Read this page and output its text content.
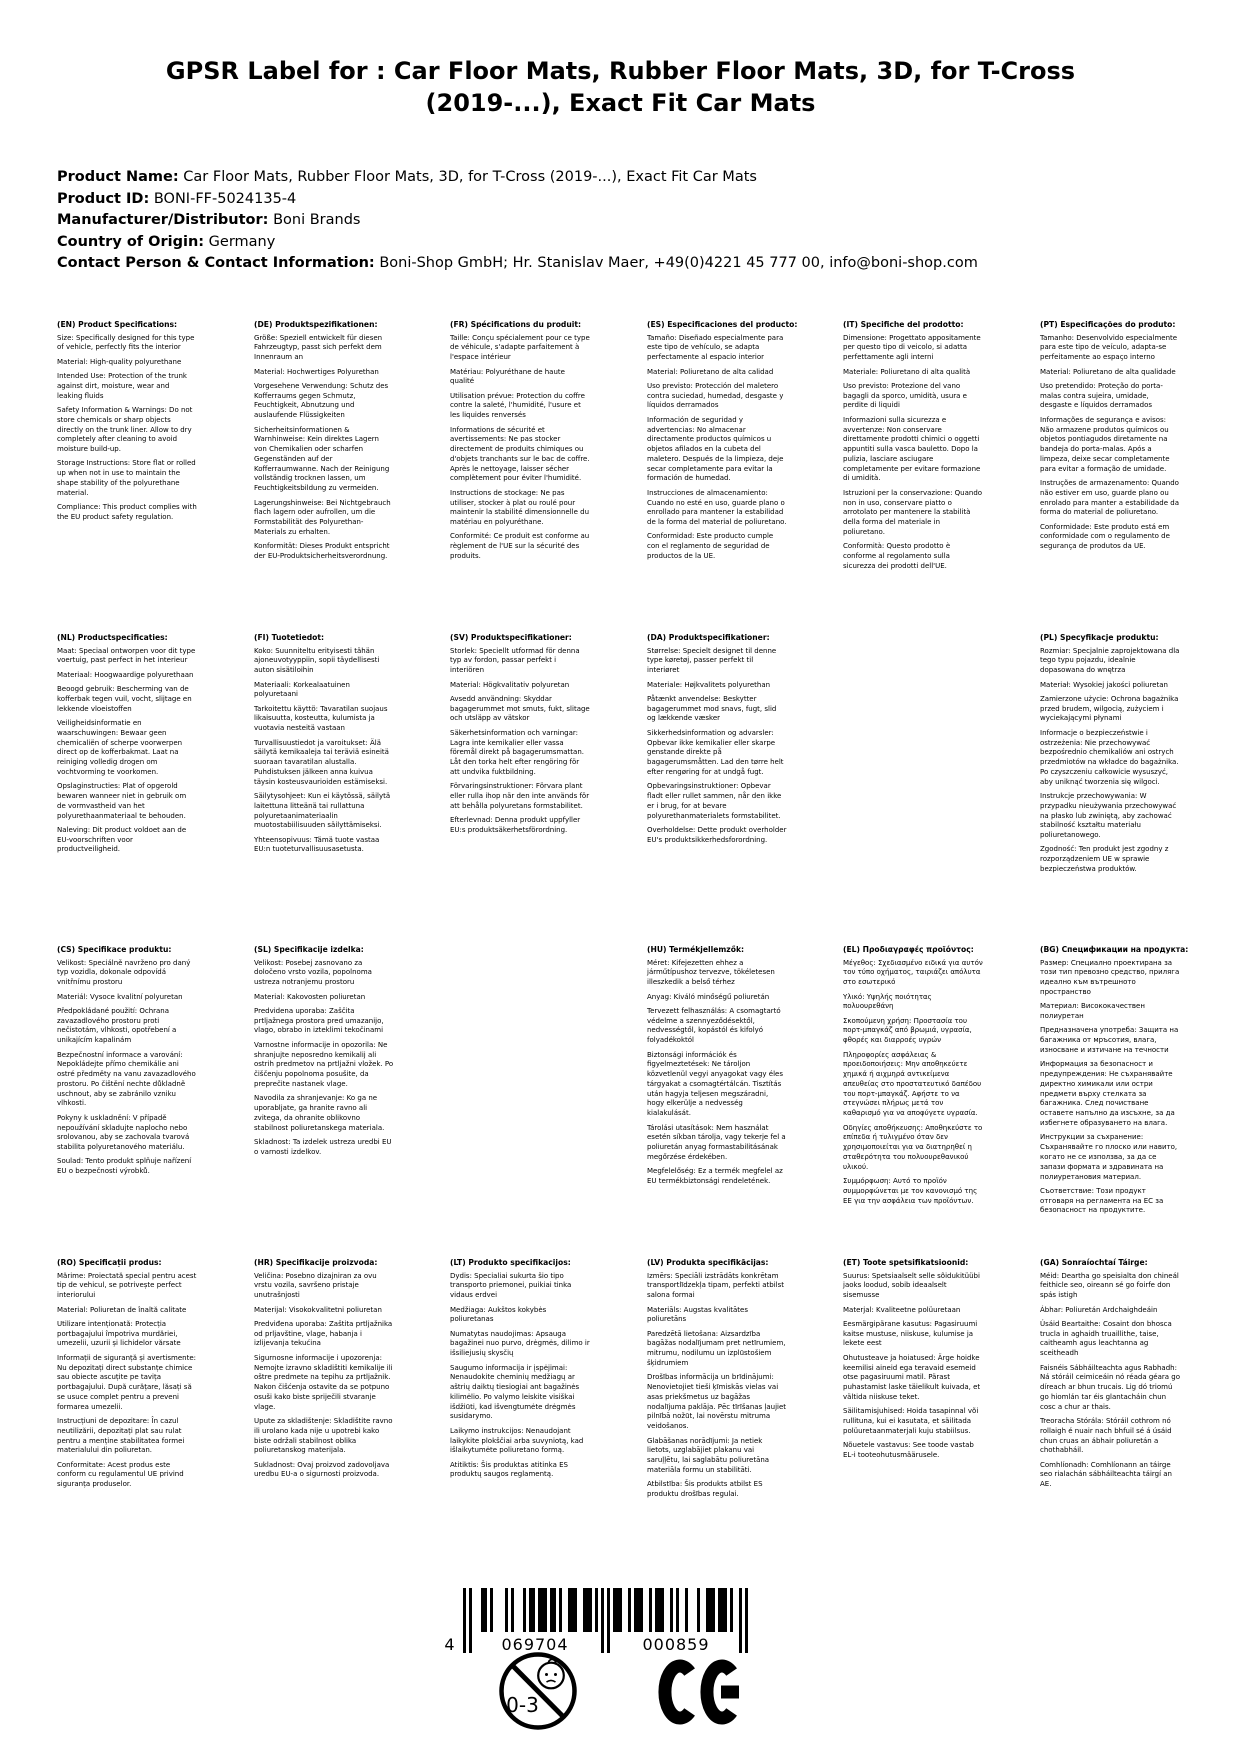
GPSR Label for : Car Floor Mats, Rubber Floor Mats, 3D, for T-Cross (2019-...), Exact Fit Car Mats
Product Name: Car Floor Mats, Rubber Floor Mats, 3D, for T-Cross (2019-...), Exact Fit Car Mats
Product ID: BONI-FF-5024135-4
Manufacturer/Distributor: Boni Brands
Country of Origin: Germany
Contact Person & Contact Information: Boni-Shop GmbH; Hr. Stanislav Maer, +49(0)4221 45 777 00, info@boni-shop.com
(EN) Product Specifications:

Size: Specifically designed for this type of vehicle, perfectly fits the interior

Material: High-quality polyurethane

Intended Use: Protection of the trunk against dirt, moisture, wear and leaking fluids

Safety Information & Warnings: Do not store chemicals or sharp objects directly on the trunk liner. Allow to dry completely after cleaning to avoid moisture build-up.

Storage Instructions: Store flat or rolled up when not in use to maintain the shape stability of the polyurethane material.

Compliance: This product complies with the EU product safety regulation.

(DE) Produktspezifikationen:

Größe: Speziell entwickelt für diesen Fahrzeugtyp, passt sich perfekt dem Innenraum an

Material: Hochwertiges Polyurethan

Vorgesehene Verwendung: Schutz des Kofferraums gegen Schmutz, Feuchtigkeit, Abnutzung und auslaufende Flüssigkeiten

Sicherheitsinformationen & Warnhinweise: Kein direktes Lagern von Chemikalien oder scharfen Gegenständen auf der Kofferraumwanne. Nach der Reinigung vollständig trocknen lassen, um Feuchtigkeitsbildung zu vermeiden.

Lagerungshinweise: Bei Nichtgebrauch flach lagern oder aufrollen, um die Formstabilität des Polyurethan-Materials zu erhalten.

Konformität: Dieses Produkt entspricht der EU-Produktsicherheitsverordnung.

(FR) Spécifications du produit:

Taille: Conçu spécialement pour ce type de véhicule, s'adapte parfaitement à l'espace intérieur

Matériau: Polyuréthane de haute qualité

Utilisation prévue: Protection du coffre contre la saleté, l'humidité, l'usure et les liquides renversés

Informations de sécurité et avertissements: Ne pas stocker directement de produits chimiques ou d'objets tranchants sur le bac de coffre. Après le nettoyage, laisser sécher complètement pour éviter l'humidité.

Instructions de stockage: Ne pas utiliser, stocker à plat ou roulé pour maintenir la stabilité dimensionnelle du matériau en polyuréthane.

Conformité: Ce produit est conforme au règlement de l'UE sur la sécurité des produits.

(ES) Especificaciones del producto:

Tamaño: Diseñado especialmente para este tipo de vehículo, se adapta perfectamente al espacio interior

Material: Poliuretano de alta calidad

Uso previsto: Protección del maletero contra suciedad, humedad, desgaste y líquidos derramados

Información de seguridad y advertencias: No almacenar directamente productos químicos u objetos afilados en la cubeta del maletero. Después de la limpieza, deje secar completamente para evitar la formación de humedad.

Instrucciones de almacenamiento: Cuando no esté en uso, guarde plano o enrollado para mantener la estabilidad de la forma del material de poliuretano.

Conformidad: Este producto cumple con el reglamento de seguridad de productos de la UE.

(IT) Specifiche del prodotto:

Dimensione: Progettato appositamente per questo tipo di veicolo, si adatta perfettamente agli interni

Materiale: Poliuretano di alta qualità

Uso previsto: Protezione del vano bagagli da sporco, umidità, usura e perdite di liquidi

Informazioni sulla sicurezza e avvertenze: Non conservare direttamente prodotti chimici o oggetti appuntiti sulla vasca bauletto. Dopo la pulizia, lasciare asciugare completamente per evitare formazione di umidità.

Istruzioni per la conservazione: Quando non in uso, conservare piatto o arrotolato per mantenere la stabilità della forma del materiale in poliuretano.

Conformità: Questo prodotto è conforme al regolamento sulla sicurezza dei prodotti dell'UE.

(PT) Especificações do produto:

Tamanho: Desenvolvido especialmente para este tipo de veículo, adapta-se perfeitamente ao espaço interno

Material: Poliuretano de alta qualidade

Uso pretendido: Proteção do porta-malas contra sujeira, umidade, desgaste e líquidos derramados

Informações de segurança e avisos: Não armazene produtos químicos ou objetos pontiagudos diretamente na bandeja do porta-malas. Após a limpeza, deixe secar completamente para evitar a formação de umidade.

Instruções de armazenamento: Quando não estiver em uso, guarde plano ou enrolado para manter a estabilidade da forma do material de poliuretano.

Conformidade: Este produto está em conformidade com o regulamento de segurança de produtos da UE.

(NL) Productspecificaties:

Maat: Speciaal ontworpen voor dit type voertuig, past perfect in het interieur

Materiaal: Hoogwaardige polyurethaan

Beoogd gebruik: Bescherming van de kofferbak tegen vuil, vocht, slijtage en lekkende vloeistoffen

Veiligheidsinformatie en waarschuwingen: Bewaar geen chemicaliën of scherpe voorwerpen direct op de kofferbakmat. Laat na reiniging volledig drogen om vochtvorming te voorkomen.

Opslaginstructies: Plat of opgerold bewaren wanneer niet in gebruik om de vormvastheid van het polyurethaanmateriaal te behouden.

Naleving: Dit product voldoet aan de EU-voorschriften voor productveiligheid.

(FI) Tuotetiedot:

Koko: Suunniteltu erityisesti tähän ajoneuvotyyppiin, sopii täydellisesti auton sisätiloihin

Materiaali: Korkealaatuinen polyuretaani

Tarkoitettu käyttö: Tavaratilan suojaus likaisuutta, kosteutta, kulumista ja vuotavia nesteitä vastaan

Turvallisuustiedot ja varoitukset: Älä säilytä kemikaaleja tai teräviä esineitä suoraan tavaratilan alustalla. Puhdistuksen jälkeen anna kuivua täysin kosteusvaurioiden estämiseksi.

Säilytysohjeet: Kun ei käytössä, säilytä laitettuna litteänä tai rullattuna polyuretaanimateriaalin muotostabiilisuuden säilyttämiseksi.

Yhteensopivuus: Tämä tuote vastaa EU:n tuoteturvallisuusasetusta.

(SV) Produktspecifikationer:

Storlek: Speciellt utformad för denna typ av fordon, passar perfekt i interiören

Material: Högkvalitativ polyuretan

Avsedd användning: Skyddar bagagerummet mot smuts, fukt, slitage och utsläpp av vätskor

Säkerhetsinformation och varningar: Lagra inte kemikalier eller vassa föremål direkt på bagagerumsmattan. Låt den torka helt efter rengöring för att undvika fuktbildning.

Förvaringsinstruktioner: Förvara plant eller rulla ihop när den inte används för att behålla polyuretans formstabilitet.

Efterlevnad: Denna produkt uppfyller EU:s produktsäkerhetsförordning.

(DA) Produktspecifikationer:

Størrelse: Specielt designet til denne type køretøj, passer perfekt til interiøret

Materiale: Højkvalitets polyurethan

Påtænkt anvendelse: Beskytter bagagerummet mod snavs, fugt, slid og lækkende væsker

Sikkerhedsinformation og advarsler: Opbevar ikke kemikalier eller skarpe genstande direkte på bagagerumsmåtten. Lad den tørre helt efter rengøring for at undgå fugt.

Opbevaringsinstruktioner: Opbevar fladt eller rullet sammen, når den ikke er i brug, for at bevare polyurethanmaterialets formstabilitet.

Overholdelse: Dette produkt overholder EU's produktsikkerhedsforordning.

(PL) Specyfikacje produktu:

Rozmiar: Specjalnie zaprojektowana dla tego typu pojazdu, idealnie dopasowana do wnętrza

Materiał: Wysokiej jakości poliuretan

Zamierzone użycie: Ochrona bagażnika przed brudem, wilgocią, zużyciem i wyciekającymi płynami

Informacje o bezpieczeństwie i ostrzeżenia: Nie przechowywać bezpośrednio chemikaliów ani ostrych przedmiotów na wkładce do bagażnika. Po czyszczeniu całkowicie wysuszyć, aby uniknąć tworzenia się wilgoci.

Instrukcje przechowywania: W przypadku nieużywania przechowywać na płasko lub zwiniętą, aby zachować stabilność kształtu materiału poliuretanowego.

Zgodność: Ten produkt jest zgodny z rozporządzeniem UE w sprawie bezpieczeństwa produktów.

(CS) Specifikace produktu:

Velikost: Speciálně navrženo pro daný typ vozidla, dokonale odpovídá vnitřnímu prostoru

Materiál: Vysoce kvalitní polyuretan

Předpokládané použití: Ochrana zavazadlového prostoru proti nečistotám, vlhkosti, opotřebení a unikajícím kapalinám

Bezpečnostní informace a varování: Nepokládejte přímo chemikálie ani ostré předměty na vanu zavazadlového prostoru. Po čištění nechte důkladně uschnout, aby se zabránilo vzniku vlhkosti.

Pokyny k uskladnění: V případě nepoužívání skladujte naplocho nebo srolovanou, aby se zachovala tvarová stabilita polyuretanového materiálu.

Soulad: Tento produkt splňuje nařízení EU o bezpečnosti výrobků.

(SL) Specifikacije izdelka:

Velikost: Posebej zasnovano za določeno vrsto vozila, popolnoma ustreza notranjemu prostoru

Material: Kakovosten poliuretan

Predvidena uporaba: Zaščita prtljažnega prostora pred umazanijo, vlago, obrabo in izteklimi tekočinami

Varnostne informacije in opozorila: Ne shranjujte neposredno kemikalij ali ostrih predmetov na prtljažni vložek. Po čiščenju popolnoma posušite, da preprečite nastanek vlage.

Navodila za shranjevanje: Ko ga ne uporabljate, ga hranite ravno ali zvitega, da ohranite oblikovno stabilnost poliuretanskega materiala.

Skladnost: Ta izdelek ustreza uredbi EU o varnosti izdelkov.

(HU) Termékjellemzők:

Méret: Kifejezetten ehhez a járműtípushoz tervezve, tökéletesen illeszkedik a belső térhez

Anyag: Kiváló minőségű poliuretán

Tervezett felhasználás: A csomagtartó védelme a szennyeződésektől, nedvességtől, kopástól és kifolyó folyadékoktól

Biztonsági információk és figyelmeztetések: Ne tároljon közvetlenül vegyi anyagokat vagy éles tárgyakat a csomagtértálcán. Tisztítás után hagyja teljesen megszáradni, hogy elkerülje a nedvesség kialakulását.

Tárolási utasítások: Nem használat esetén síkban tárolja, vagy tekerje fel a poliuretán anyag formastabilitásának megőrzése érdekében.

Megfelelőség: Ez a termék megfelel az EU termékbiztonsági rendeletének.

(EL) Προδιαγραφές προϊόντος:

Μέγεθος: Σχεδιασμένο ειδικά για αυτόν τον τύπο οχήματος, ταιριάζει απόλυτα στο εσωτερικό

Υλικό: Υψηλής ποιότητας πολυουρεθάνη

Σκοπούμενη χρήση: Προστασία του πορτ-μπαγκάζ από βρωμιά, υγρασία, φθορές και διαρροές υγρών

Πληροφορίες ασφάλειας & προειδοποιήσεις: Μην αποθηκεύετε χημικά ή αιχμηρά αντικείμενα απευθείας στο προστατευτικό δαπέδου του πορτ-μπαγκάζ. Αφήστε το να στεγνώσει πλήρως μετά τον καθαρισμό για να αποφύγετε υγρασία.

Οδηγίες αποθήκευσης: Αποθηκεύστε το επίπεδα ή τυλιγμένο όταν δεν χρησιμοποιείται για να διατηρηθεί η σταθερότητα του πολυουρεθανικού υλικού.

Συμμόρφωση: Αυτό το προϊόν συμμορφώνεται με τον κανονισμό της ΕΕ για την ασφάλεια των προϊόντων.

(BG) Спецификации на продукта:

Размер: Специално проектирана за този тип превозно средство, приляга идеално към вътрешното пространство

Материал: Висококачествен полиуретан

Предназначена употреба: Защита на багажника от мръсотия, влага, износване и изтичане на течности

Информация за безопасност и предупреждения: Не съхранявайте директно химикали или остри предмети върху стелката за багажника. След почистване оставете напълно да изсъхне, за да избегнете образуването на влага.

Инструкции за съхранение: Съхранявайте го плоско или навито, когато не се използва, за да се запази формата и здравината на полиуретановия материал.

Съответствие: Този продукт отговаря на регламента на ЕС за безопасност на продуктите.

(RO) Specificații produs:

Mărime: Proiectată special pentru acest tip de vehicul, se potrivește perfect interiorului

Material: Poliuretan de înaltă calitate

Utilizare intenționată: Protecția portbagajului împotriva murdăriei, umezelii, uzurii și lichidelor vărsate

Informații de siguranță și avertismente: Nu depozitați direct substanțe chimice sau obiecte ascuțite pe tavița portbagajului. După curățare, lăsați să se usuce complet pentru a preveni formarea umezelii.

Instrucțiuni de depozitare: În cazul neutilizării, depozitați plat sau rulat pentru a menține stabilitatea formei materialului din poliuretan.

Conformitate: Acest produs este conform cu regulamentul UE privind siguranța produselor.

(HR) Specifikacije proizvoda:

Veličina: Posebno dizajniran za ovu vrstu vozila, savršeno pristaje unutrašnjosti

Materijal: Visokokvalitetni poliuretan

Predviđena uporaba: Zaštita prtljažnika od prljavštine, vlage, habanja i izlijevanja tekućina

Sigurnosne informacije i upozorenja: Nemojte izravno skladištiti kemikalije ili oštre predmete na tepihu za prtljažnik. Nakon čišćenja ostavite da se potpuno osuši kako biste spriječili stvaranje vlage.

Upute za skladištenje: Skladištite ravno ili urolano kada nije u upotrebi kako biste održali stabilnost oblika poliuretanskog materijala.

Sukladnost: Ovaj proizvod zadovoljava uredbu EU-a o sigurnosti proizvoda.

(LT) Produkto specifikacijos:

Dydis: Specialiai sukurta šio tipo transporto priemonei, puikiai tinka vidaus erdvei

Medžiaga: Aukštos kokybės poliuretanas

Numatytas naudojimas: Apsauga bagažinei nuo purvo, drėgmės, dilimo ir išsiliejusių skysčių

Saugumo informacija ir įspėjimai: Nenaudokite cheminių medžiagų ar aštrių daiktų tiesiogiai ant bagažinės kilimėlio. Po valymo leiskite visiškai išdžiūti, kad išvengtumėte drėgmės susidarymo.

Laikymo instrukcijos: Nenaudojant laikykite plokščiai arba suvyniotą, kad išlaikytumėte poliuretano formą.

Atitiktis: Šis produktas atitinka ES produktų saugos reglamentą.

(LV) Produkta specifikācijas:

Izmērs: Speciāli izstrādāts konkrētam transportlīdzekļa tipam, perfekti atbilst salona formai

Materiāls: Augstas kvalitātes poliuretāns

Paredzētā lietošana: Aizsardzība bagāžas nodalījumam pret netīrumiem, mitrumu, nodilumu un izplūstošiem šķidrumiem

Drošības informācija un brīdinājumi: Nenovietojiet tieši ķīmiskās vielas vai asas priekšmetus uz bagāžas nodalījuma paklāja. Pēc tīrīšanas ļaujiet pilnībā nožūt, lai novērstu mitruma veidošanos.

Glabāšanas norādījumi: Ja netiek lietots, uzglabājiet plakanu vai saruļļētu, lai saglabātu poliuretāna materiāla formu un stabilitāti.

Atbilstība: Šis produkts atbilst ES produktu drošības regulai.

(ET) Toote spetsifikatsioonid:

Suurus: Spetsiaalselt selle sõidukitüübi jaoks loodud, sobib ideaalselt sisemusse

Materjal: Kvaliteetne polüuretaan

Eesmärgipärane kasutus: Pagasiruumi kaitse mustuse, niiskuse, kulumise ja lekete eest

Ohutusteave ja hoiatused: Ärge hoidke keemilisi aineid ega teravaid esemeid otse pagasiruumi matil. Pärast puhastamist laske täielikult kuivada, et vältida niiskuse teket.

Säilitamisjuhised: Hoida tasapinnal või rullituna, kui ei kasutata, et säilitada polüuretaanmaterjali kuju stabiilsus.

Nõuetele vastavus: See toode vastab EL-i tooteohutusmäärusele.

(GA) Sonraíochtaí Táirge:

Méid: Deartha go speisialta don chineál feithicle seo, oireann sé go foirfe don spás istigh

Ábhar: Poliuretán Ardchaighdeáin

Úsáid Beartaithe: Cosaint don bhosca trucla in aghaidh truaillithe, taise, caitheamh agus leachtanna ag sceitheadh

Faisnéis Sábháilteachta agus Rabhadh: Ná stóráil ceimiceáin nó réada géara go díreach ar bhun trucais. Lig dó triomú go hiomlán tar éis glantacháin chun cosc a chur ar thais.

Treoracha Stórála: Stóráil cothrom nó rollaigh é nuair nach bhfuil sé á úsáid chun cruas an ábhair poliuretán a chothabháil.

Comhlíonadh: Comhlíonann an táirge seo rialachán sábháilteachta táirgí an AE.

4	069704	000859
0-3
